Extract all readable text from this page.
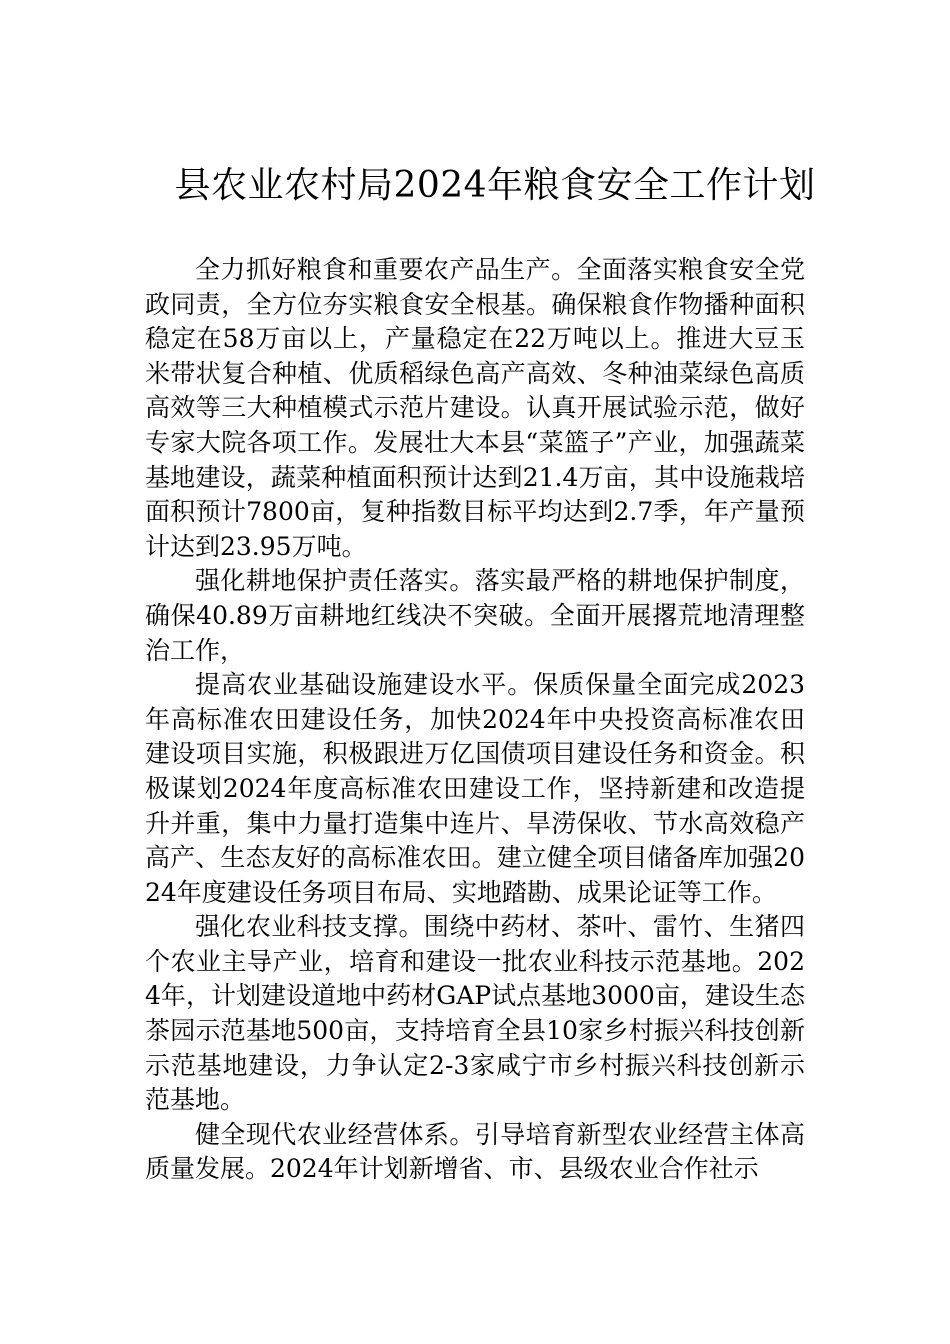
县农业农村局2024年粮食安全工作计划

全力抓好粮食和重要农产品生产。全面落实粮食安全党政同责，全方位夯实粮食安全根基。确保粮食作物播种面积稳定在58万亩以上，产量稳定在22万吨以上。推进大豆玉米带状复合种植、优质稻绿色高产高效、冬种油菜绿色高质高效等三大种植模式示范片建设。认真开展试验示范，做好专家大院各项工作。发展壮大本县“菜篮子”产业，加强蔬菜基地建设，蔬菜种植面积预计达到21.4万亩，其中设施栽培面积预计7800亩，复种指数目标平均达到2.7季，年产量预计达到23.95万吨。

强化耕地保护责任落实。落实最严格的耕地保护制度，确保40.89万亩耕地红线决不突破。全面开展撂荒地清理整治工作，

提高农业基础设施建设水平。保质保量全面完成2023年高标准农田建设任务，加快2024年中央投资高标准农田建设项目实施，积极跟进万亿国债项目建设任务和资金。积极谋划2024年度高标准农田建设工作，坚持新建和改造提升并重，集中力量打造集中连片、旱涝保收、节水高效稳产高产、生态友好的高标准农田。建立健全项目储备库加强2024年度建设任务项目布局、实地踏勘、成果论证等工作。

强化农业科技支撑。围绕中药材、茶叶、雷竹、生猪四个农业主导产业，培育和建设一批农业科技示范基地。2024年，计划建设道地中药材GAP试点基地3000亩，建设生态茶园示范基地500亩，支持培育全县10家乡村振兴科技创新示范基地建设，力争认定2-3家咸宁市乡村振兴科技创新示范基地。

健全现代农业经营体系。引导培育新型农业经营主体高质量发展。2024年计划新增省、市、县级农业合作社示
